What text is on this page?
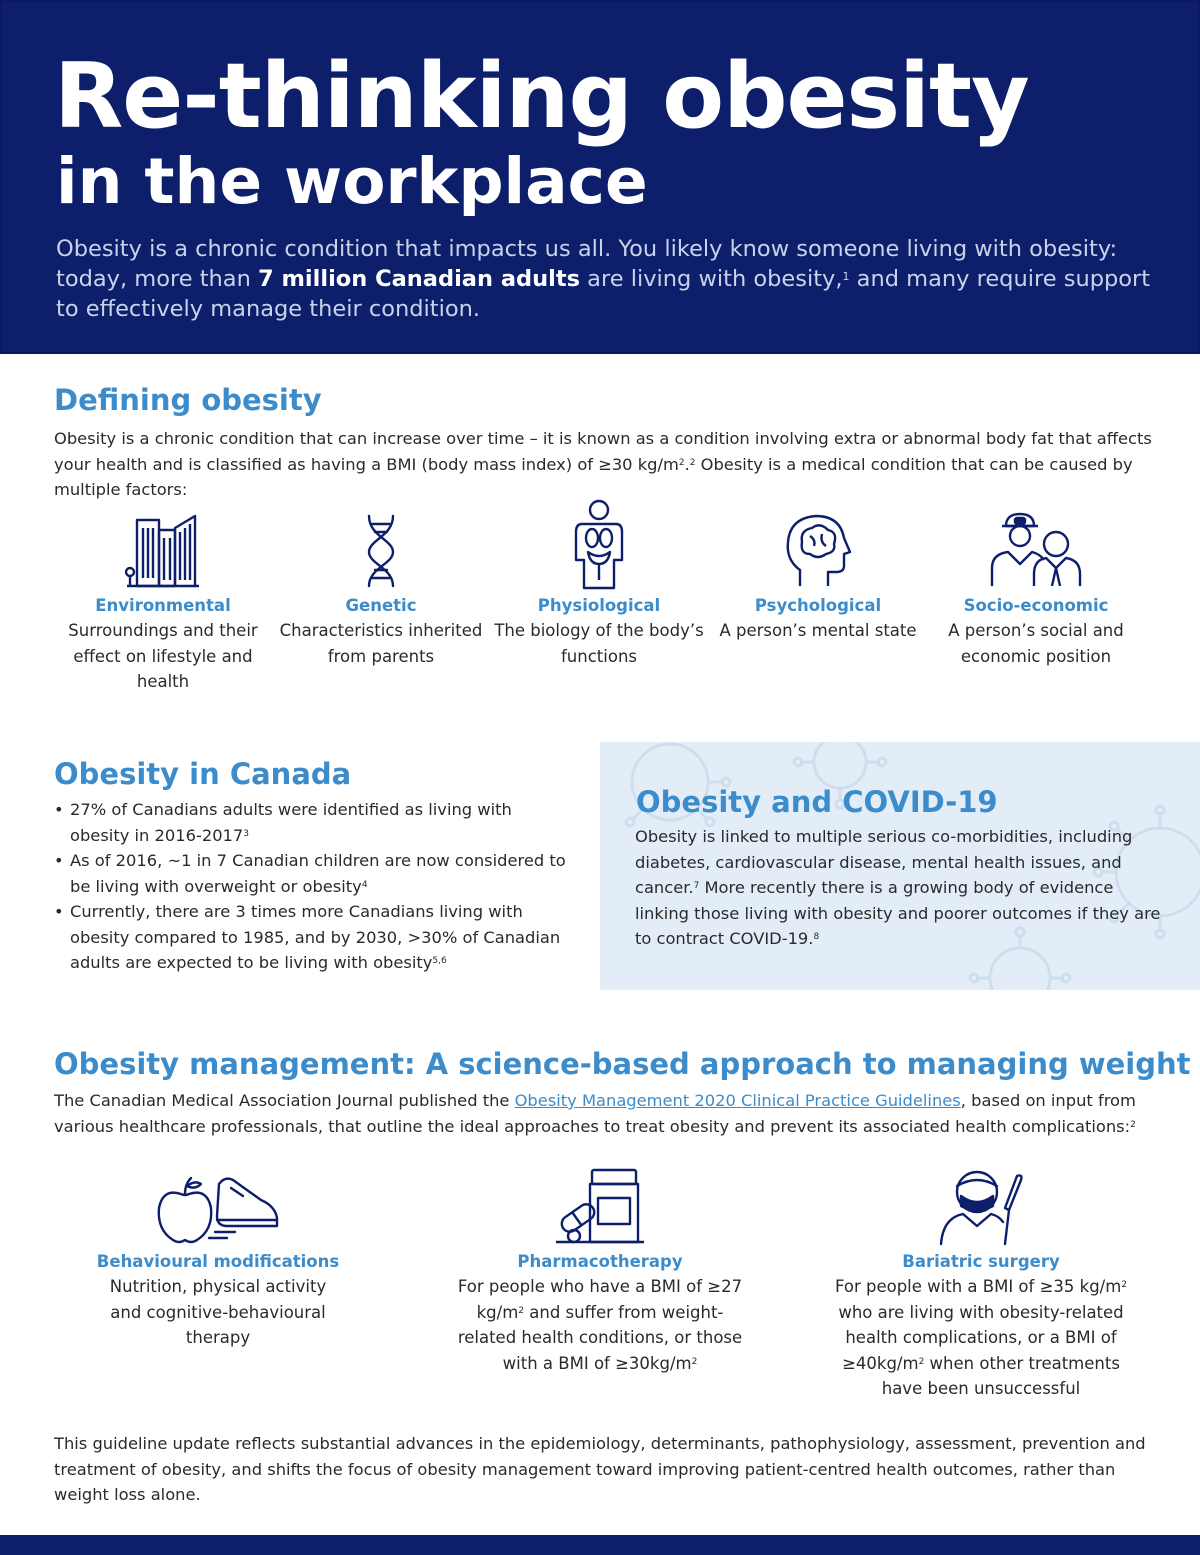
Re-thinking obesity
in the workplace
Obesity is a chronic condition that impacts us all. You likely know someone living with obesity: today, more than 7 million Canadian adults are living with obesity,$^1$ and many require support to effectively manage their condition.
Defining obesity
Obesity is a chronic condition that can increase over time – it is known as a condition involving extra or abnormal body fat that affects your health and is classified as having a BMI (body mass index) of ≥30 $kg/m^2.^2$ Obesity is a medical condition that can be caused by multiple factors:
Environmental
Surroundings and their effect on lifestyle and health
Genetic
Characteristics inherited from parents
Physiological
The biology of the body’s functions
Psychological
A person’s mental state
Socio-economic
A person’s social and economic position
Obesity in Canada
• 27% of Canadians adults were identified as living with obesity in 2016-2017$^3$
• As of 2016, ~1 in 7 Canadian children are now considered to be living with overweight or obesity$^4$
• Currently, there are 3 times more Canadians living with obesity compared to 1985, and by 2030, >30% of Canadian adults are expected to be living with obesity$^{5,6}$
Obesity and COVID-19
Obesity is linked to multiple serious co-morbidities, including diabetes, cardiovascular disease, mental health issues, and cancer.$^7$ More recently there is a growing body of evidence linking those living with obesity and poorer outcomes if they are to contract COVID-19.$^8$
Obesity management: A science-based approach to managing weight
The Canadian Medical Association Journal published the Obesity Management 2020 Clinical Practice Guidelines, based on input from various healthcare professionals, that outline the ideal approaches to treat obesity and prevent its associated health complications:$^2$
Behavioural modifications
Nutrition, physical activity and cognitive-behavioural therapy
Pharmacotherapy
For people who have a BMI of ≥27 $kg/m^2$ and suffer from weight-related health conditions, or those with a BMI of $\ge 30kg/m^2$
Bariatric surgery
For people with a BMI of ≥35 $kg/m^2$ who are living with obesity-related health complications, or a BMI of $\ge 40kg/m^2$ when other treatments have been unsuccessful
This guideline update reflects substantial advances in the epidemiology, determinants, pathophysiology, assessment, prevention and treatment of obesity, and shifts the focus of obesity management toward improving patient-centred health outcomes, rather than weight loss alone.
